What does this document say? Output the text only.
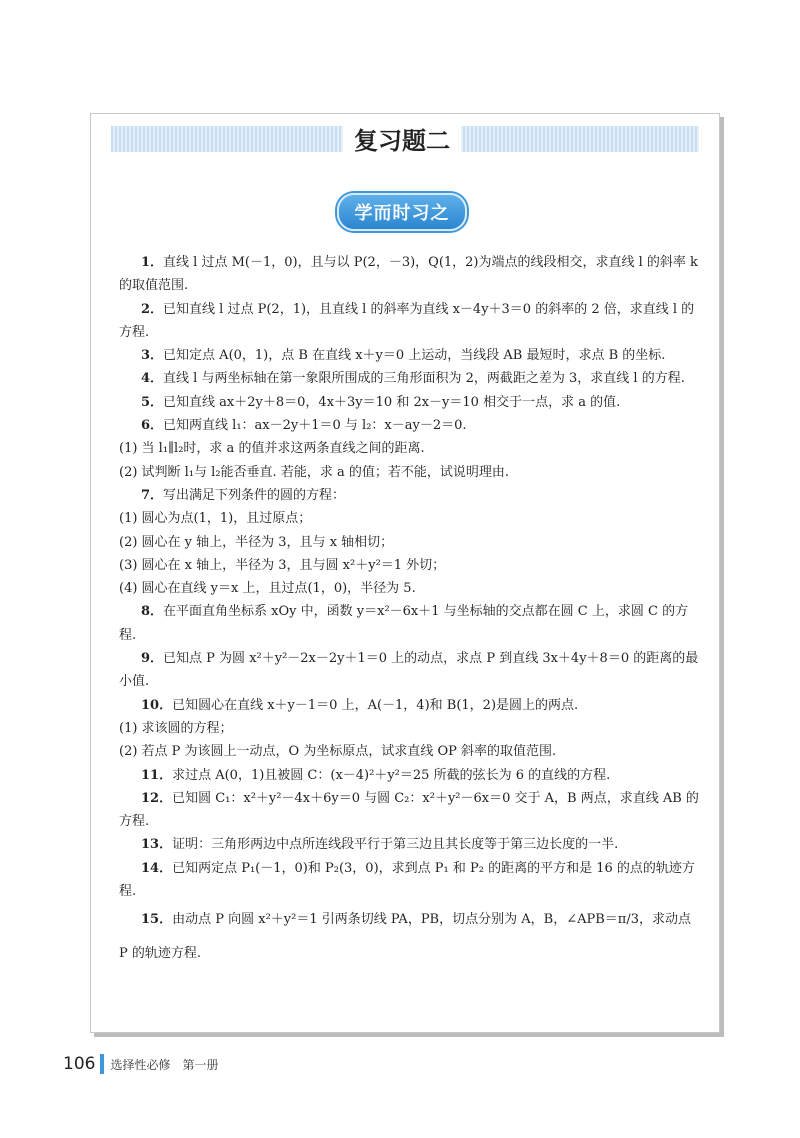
复习题二
学而时习之

1．直线 l 过点 M(－1，0)，且与以 P(2，－3)，Q(1，2)为端点的线段相交，求直线 l 的斜率 k 的取值范围.

2．已知直线 l 过点 P(2，1)，且直线 l 的斜率为直线 x－4y＋3＝0 的斜率的 2 倍，求直线 l 的方程.

3．已知定点 A(0，1)，点 B 在直线 x＋y＝0 上运动，当线段 AB 最短时，求点 B 的坐标.

4．直线 l 与两坐标轴在第一象限所围成的三角形面积为 2，两截距之差为 3，求直线 l 的方程.

5．已知直线 ax＋2y＋8＝0，4x＋3y＝10 和 2x－y＝10 相交于一点，求 a 的值.

6．已知两直线 l₁：ax－2y＋1＝0 与 l₂：x－ay－2＝0.

(1) 当 l₁∥l₂时，求 a 的值并求这两条直线之间的距离.

(2) 试判断 l₁与 l₂能否垂直. 若能，求 a 的值；若不能，试说明理由.

7．写出满足下列条件的圆的方程：

(1) 圆心为点(1，1)，且过原点；

(2) 圆心在 y 轴上，半径为 3，且与 x 轴相切；

(3) 圆心在 x 轴上，半径为 3，且与圆 x²＋y²＝1 外切；

(4) 圆心在直线 y＝x 上，且过点(1，0)，半径为 5.

8．在平面直角坐标系 xOy 中，函数 y＝x²－6x＋1 与坐标轴的交点都在圆 C 上，求圆 C 的方程.

9．已知点 P 为圆 x²＋y²－2x－2y＋1＝0 上的动点，求点 P 到直线 3x＋4y＋8＝0 的距离的最小值.

10．已知圆心在直线 x＋y－1＝0 上，A(－1，4)和 B(1，2)是圆上的两点.

(1) 求该圆的方程；

(2) 若点 P 为该圆上一动点，O 为坐标原点，试求直线 OP 斜率的取值范围.

11．求过点 A(0，1)且被圆 C：(x－4)²＋y²＝25 所截的弦长为 6 的直线的方程.

12．已知圆 C₁：x²＋y²－4x＋6y＝0 与圆 C₂：x²＋y²－6x＝0 交于 A，B 两点，求直线 AB 的方程.

13．证明：三角形两边中点所连线段平行于第三边且其长度等于第三边长度的一半.

14．已知两定点 P₁(－1，0)和 P₂(3，0)，求到点 P₁ 和 P₂ 的距离的平方和是 16 的点的轨迹方程.

15．由动点 P 向圆 x²＋y²＝1 引两条切线 PA，PB，切点分别为 A，B，∠APB＝π/3，求动点 P 的轨迹方程.

106 选择性必修　第一册
